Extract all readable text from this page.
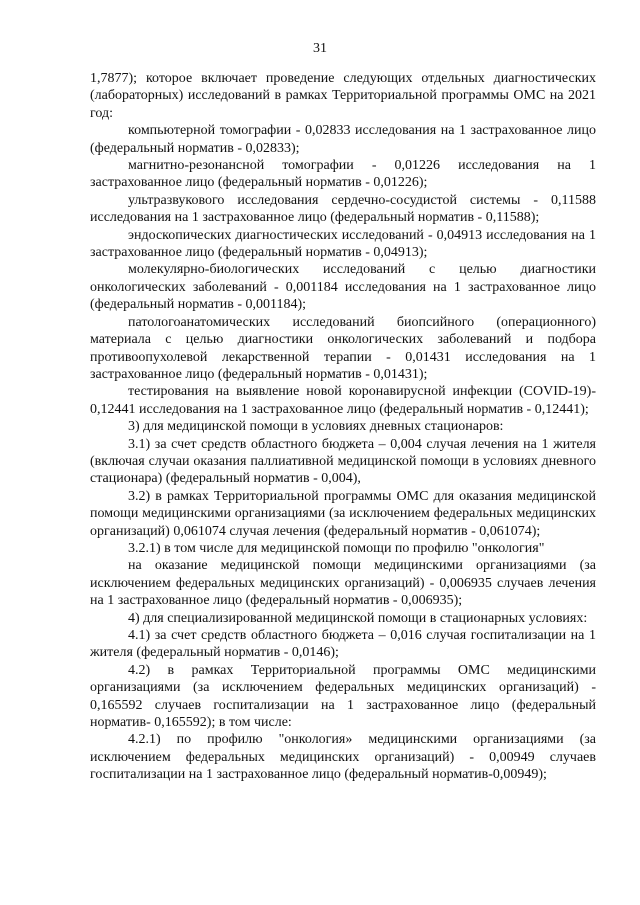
31

1,7877); которое включает проведение следующих отдельных диагностических (лабораторных) исследований в рамках Территориальной программы ОМС на 2021 год:

компьютерной томографии - 0,02833 исследования на 1 застрахованное лицо (федеральный норматив - 0,02833);

магнитно-резонансной томографии - 0,01226 исследования на 1 застрахованное лицо (федеральный норматив - 0,01226);

ультразвукового исследования сердечно-сосудистой системы - 0,11588 исследования на 1 застрахованное лицо (федеральный норматив - 0,11588);

эндоскопических диагностических исследований - 0,04913 исследования на 1 застрахованное лицо (федеральный норматив - 0,04913);

молекулярно-биологических исследований с целью диагностики онкологических заболеваний - 0,001184 исследования на 1 застрахованное лицо (федеральный норматив - 0,001184);

патологоанатомических исследований биопсийного (операционного) материала с целью диагностики онкологических заболеваний и подбора противоопухолевой лекарственной терапии - 0,01431 исследования на 1 застрахованное лицо (федеральный норматив - 0,01431);

тестирования на выявление новой коронавирусной инфекции (COVID-19)- 0,12441 исследования на 1 застрахованное лицо (федеральный норматив - 0,12441);

3) для медицинской помощи в условиях дневных стационаров:

3.1) за счет средств областного бюджета – 0,004 случая лечения на 1 жителя (включая случаи оказания паллиативной медицинской помощи в условиях дневного стационара) (федеральный норматив - 0,004),

3.2) в рамках Территориальной программы ОМС для оказания медицинской помощи медицинскими организациями (за исключением федеральных медицинских организаций) 0,061074 случая лечения (федеральный норматив - 0,061074);

3.2.1) в том числе для медицинской помощи по профилю "онкология"

на оказание медицинской помощи медицинскими организациями (за исключением федеральных медицинских организаций) - 0,006935 случаев лечения на 1 застрахованное лицо (федеральный норматив - 0,006935);

4) для специализированной медицинской помощи в стационарных условиях:

4.1) за счет средств областного бюджета – 0,016 случая госпитализации на 1 жителя (федеральный норматив - 0,0146);

4.2) в рамках Территориальной программы ОМС медицинскими организациями (за исключением федеральных медицинских организаций) - 0,165592 случаев госпитализации на 1 застрахованное лицо (федеральный норматив- 0,165592); в том числе:

4.2.1) по профилю "онкология» медицинскими организациями (за исключением федеральных медицинских организаций) - 0,00949 случаев госпитализации на 1 застрахованное лицо (федеральный норматив-0,00949);
